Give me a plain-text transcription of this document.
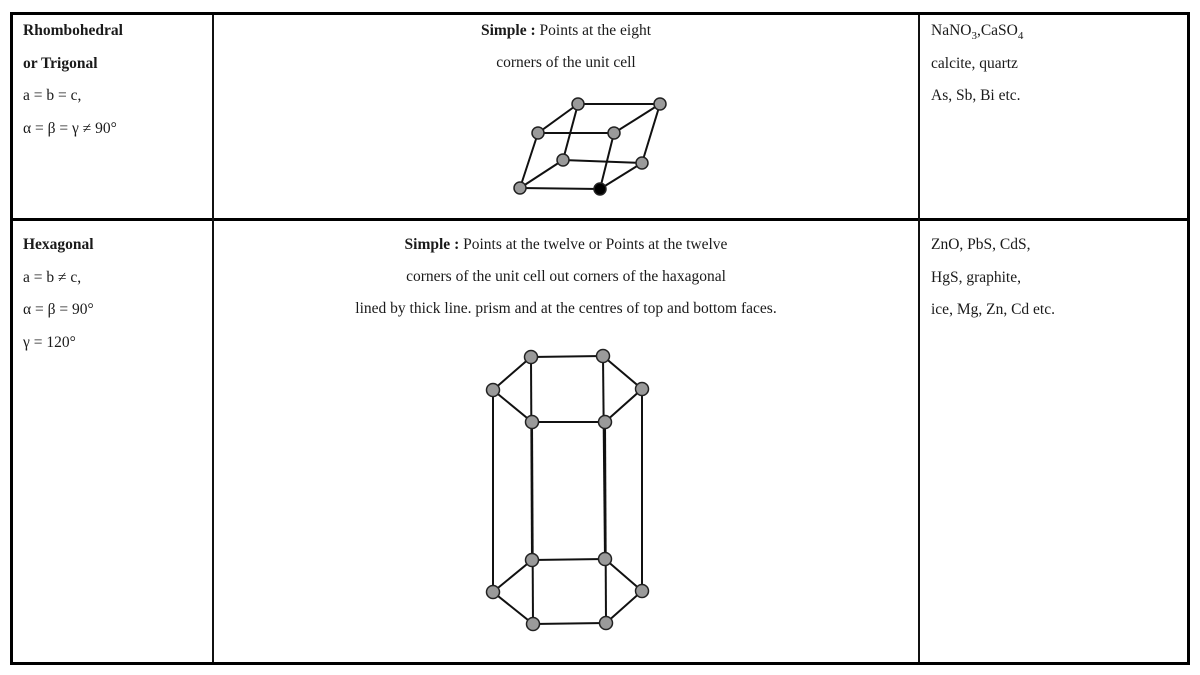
Rhombohedral
or Trigonal
a = b = c,
α = β = γ ≠ 90°
Simple : Points at the eight
corners of the unit cell
NaNO$_3$,CaSO$_4$
calcite, quartz
As, Sb, Bi etc.
Hexagonal
a = b ≠ c,
α = β = 90°
γ = 120°
Simple : Points at the twelve or Points at the twelve
corners of the unit cell out corners of the haxagonal
lined by thick line. prism and at the centres of top and bottom faces.
ZnO, PbS, CdS,
HgS, graphite,
ice, Mg, Zn, Cd etc.
